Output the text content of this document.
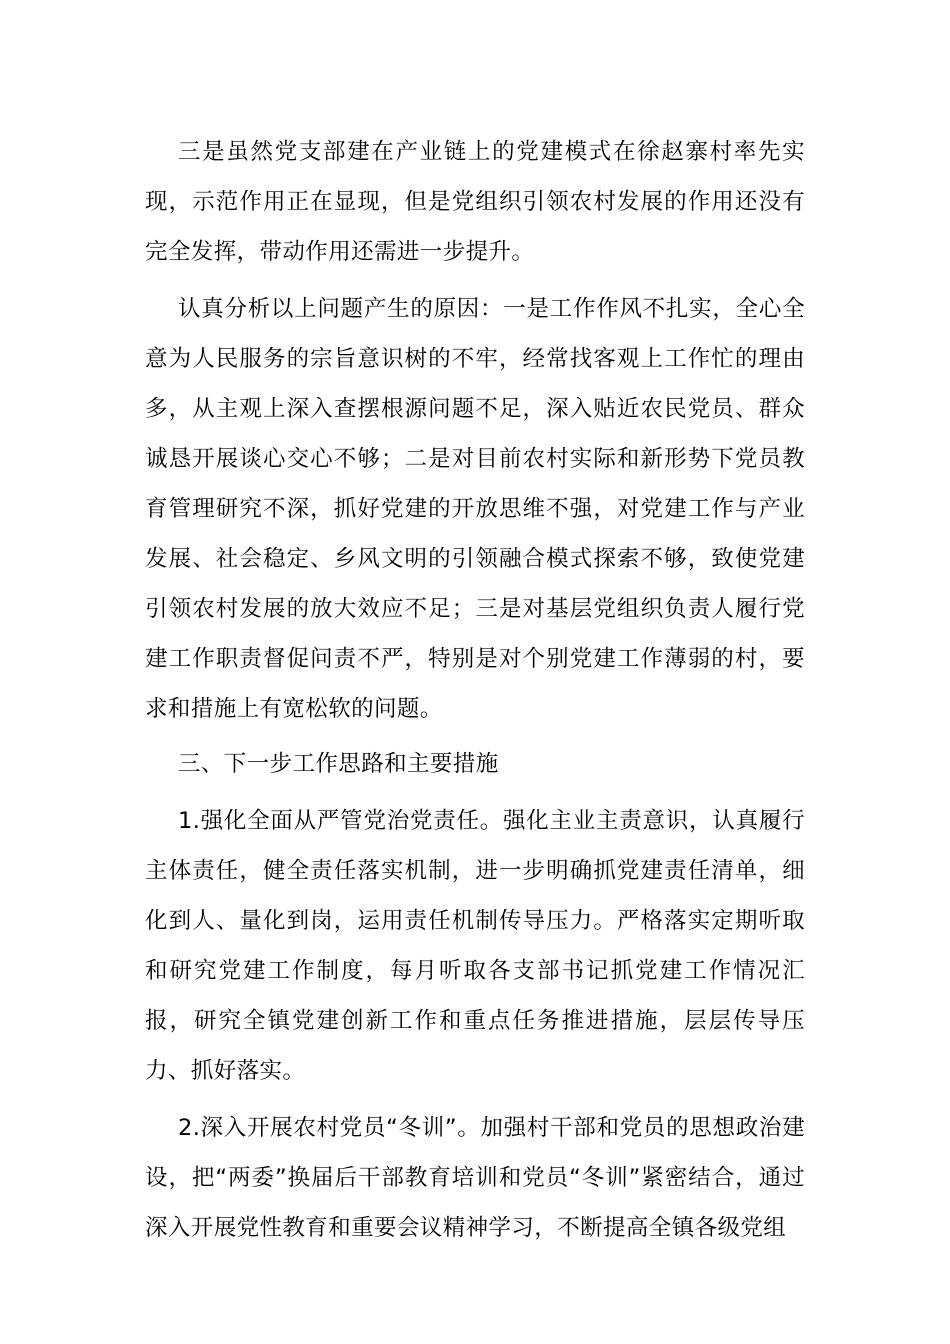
三是虽然党支部建在产业链上的党建模式在徐赵寨村率先实现，示范作用正在显现，但是党组织引领农村发展的作用还没有完全发挥，带动作用还需进一步提升。

认真分析以上问题产生的原因：一是工作作风不扎实，全心全意为人民服务的宗旨意识树的不牢，经常找客观上工作忙的理由多，从主观上深入查摆根源问题不足，深入贴近农民党员、群众诚恳开展谈心交心不够；二是对目前农村实际和新形势下党员教育管理研究不深，抓好党建的开放思维不强，对党建工作与产业发展、社会稳定、乡风文明的引领融合模式探索不够，致使党建引领农村发展的放大效应不足；三是对基层党组织负责人履行党建工作职责督促问责不严，特别是对个别党建工作薄弱的村，要求和措施上有宽松软的问题。

三、下一步工作思路和主要措施

1.强化全面从严管党治党责任。强化主业主责意识，认真履行主体责任，健全责任落实机制，进一步明确抓党建责任清单，细化到人、量化到岗，运用责任机制传导压力。严格落实定期听取和研究党建工作制度，每月听取各支部书记抓党建工作情况汇报，研究全镇党建创新工作和重点任务推进措施，层层传导压力、抓好落实。

2.深入开展农村党员“冬训”。加强村干部和党员的思想政治建设，把“两委”换届后干部教育培训和党员“冬训”紧密结合，通过深入开展党性教育和重要会议精神学习，不断提高全镇各级党组
